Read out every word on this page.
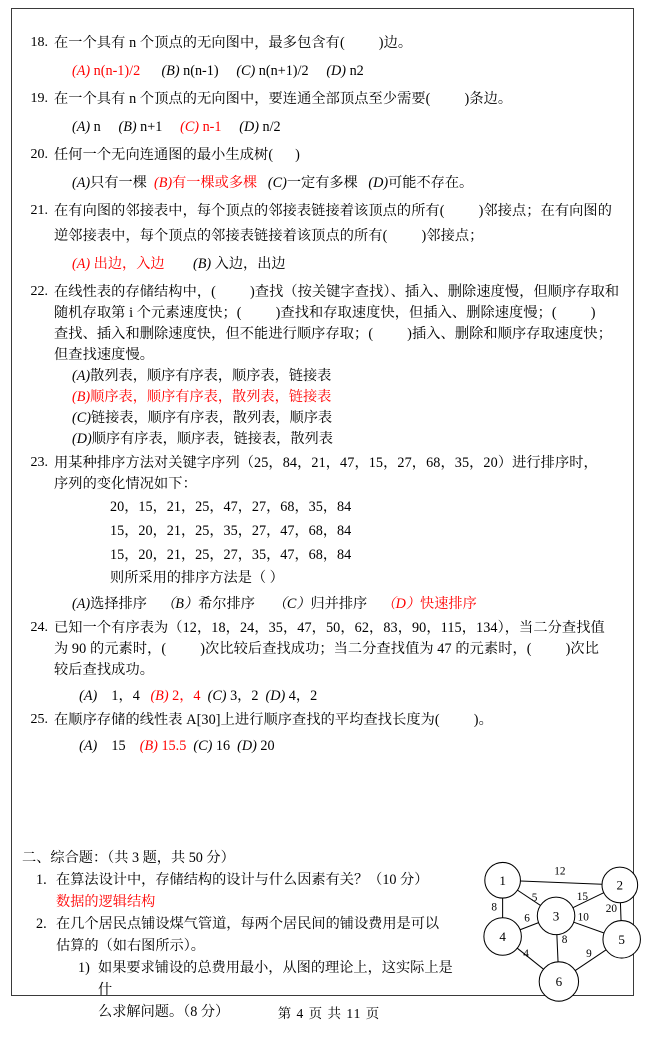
18. 在一个具有 n 个顶点的无向图中，最多包含有( )边。
(A) n(n-1)/2 (B) n(n-1) (C) n(n+1)/2 (D) n2
19. 在一个具有 n 个顶点的无向图中，要连通全部顶点至少需要( )条边。
(A) n (B) n+1 (C) n-1 (D) n/2
20. 任何一个无向连通图的最小生成树( )
(A)只有一棵 (B)有一棵或多棵 (C)一定有多棵 (D)可能不存在。
21. 在有向图的邻接表中，每个顶点的邻接表链接着该顶点的所有( )邻接点；在有向图的
逆邻接表中，每个顶点的邻接表链接着该顶点的所有( )邻接点；
(A) 出边，入边 (B) 入边，出边
22. 在线性表的存储结构中，( )查找（按关键字查找）、插入、删除速度慢，但顺序存取和
随机存取第 i 个元素速度快；( )查找和存取速度快，但插入、删除速度慢；( )
查找、插入和删除速度快，但不能进行顺序存取；( )插入、删除和顺序存取速度快；
但查找速度慢。
(A)散列表，顺序有序表，顺序表，链接表
(B)顺序表，顺序有序表，散列表，链接表
(C)链接表，顺序有序表，散列表，顺序表
(D)顺序有序表，顺序表，链接表，散列表
23. 用某种排序方法对关键字序列（25，84，21，47，15，27，68，35，20）进行排序时，
序列的变化情况如下：
20，15，21，25，47，27，68，35，84
15，20，21，25，35，27，47，68，84
15，20，21，25，27，35，47，68，84
则所采用的排序方法是（ ）
(A)选择排序 （B）希尔排序 （C）归并排序 （D）快速排序
24. 已知一个有序表为（12，18，24，35，47，50，62，83，90，115，134），当二分查找值
为 90 的元素时，( )次比较后查找成功；当二分查找值为 47 的元素时，( )次比
较后查找成功。
(A) 1，4 (B) 2，4 (C) 3，2 (D) 4，2
25. 在顺序存储的线性表 A[30]上进行顺序查找的平均查找长度为( )。
(A) 15 (B) 15.5 (C) 16 (D) 20
二、综合题：（共 3 题，共 50 分）
1. 在算法设计中，存储结构的设计与什么因素有关？（10 分）
数据的逻辑结构
2. 在几个居民点铺设煤气管道，每两个居民间的铺设费用是可以
估算的（如右图所示）。
1) 如果要求铺设的总费用最小，从图的理论上，这实际上是什
么求解问题。（8 分）
12
5
8
15
20
6	10
8
4	9
1	2
3
4	5
6
第 4 页 共 11 页
